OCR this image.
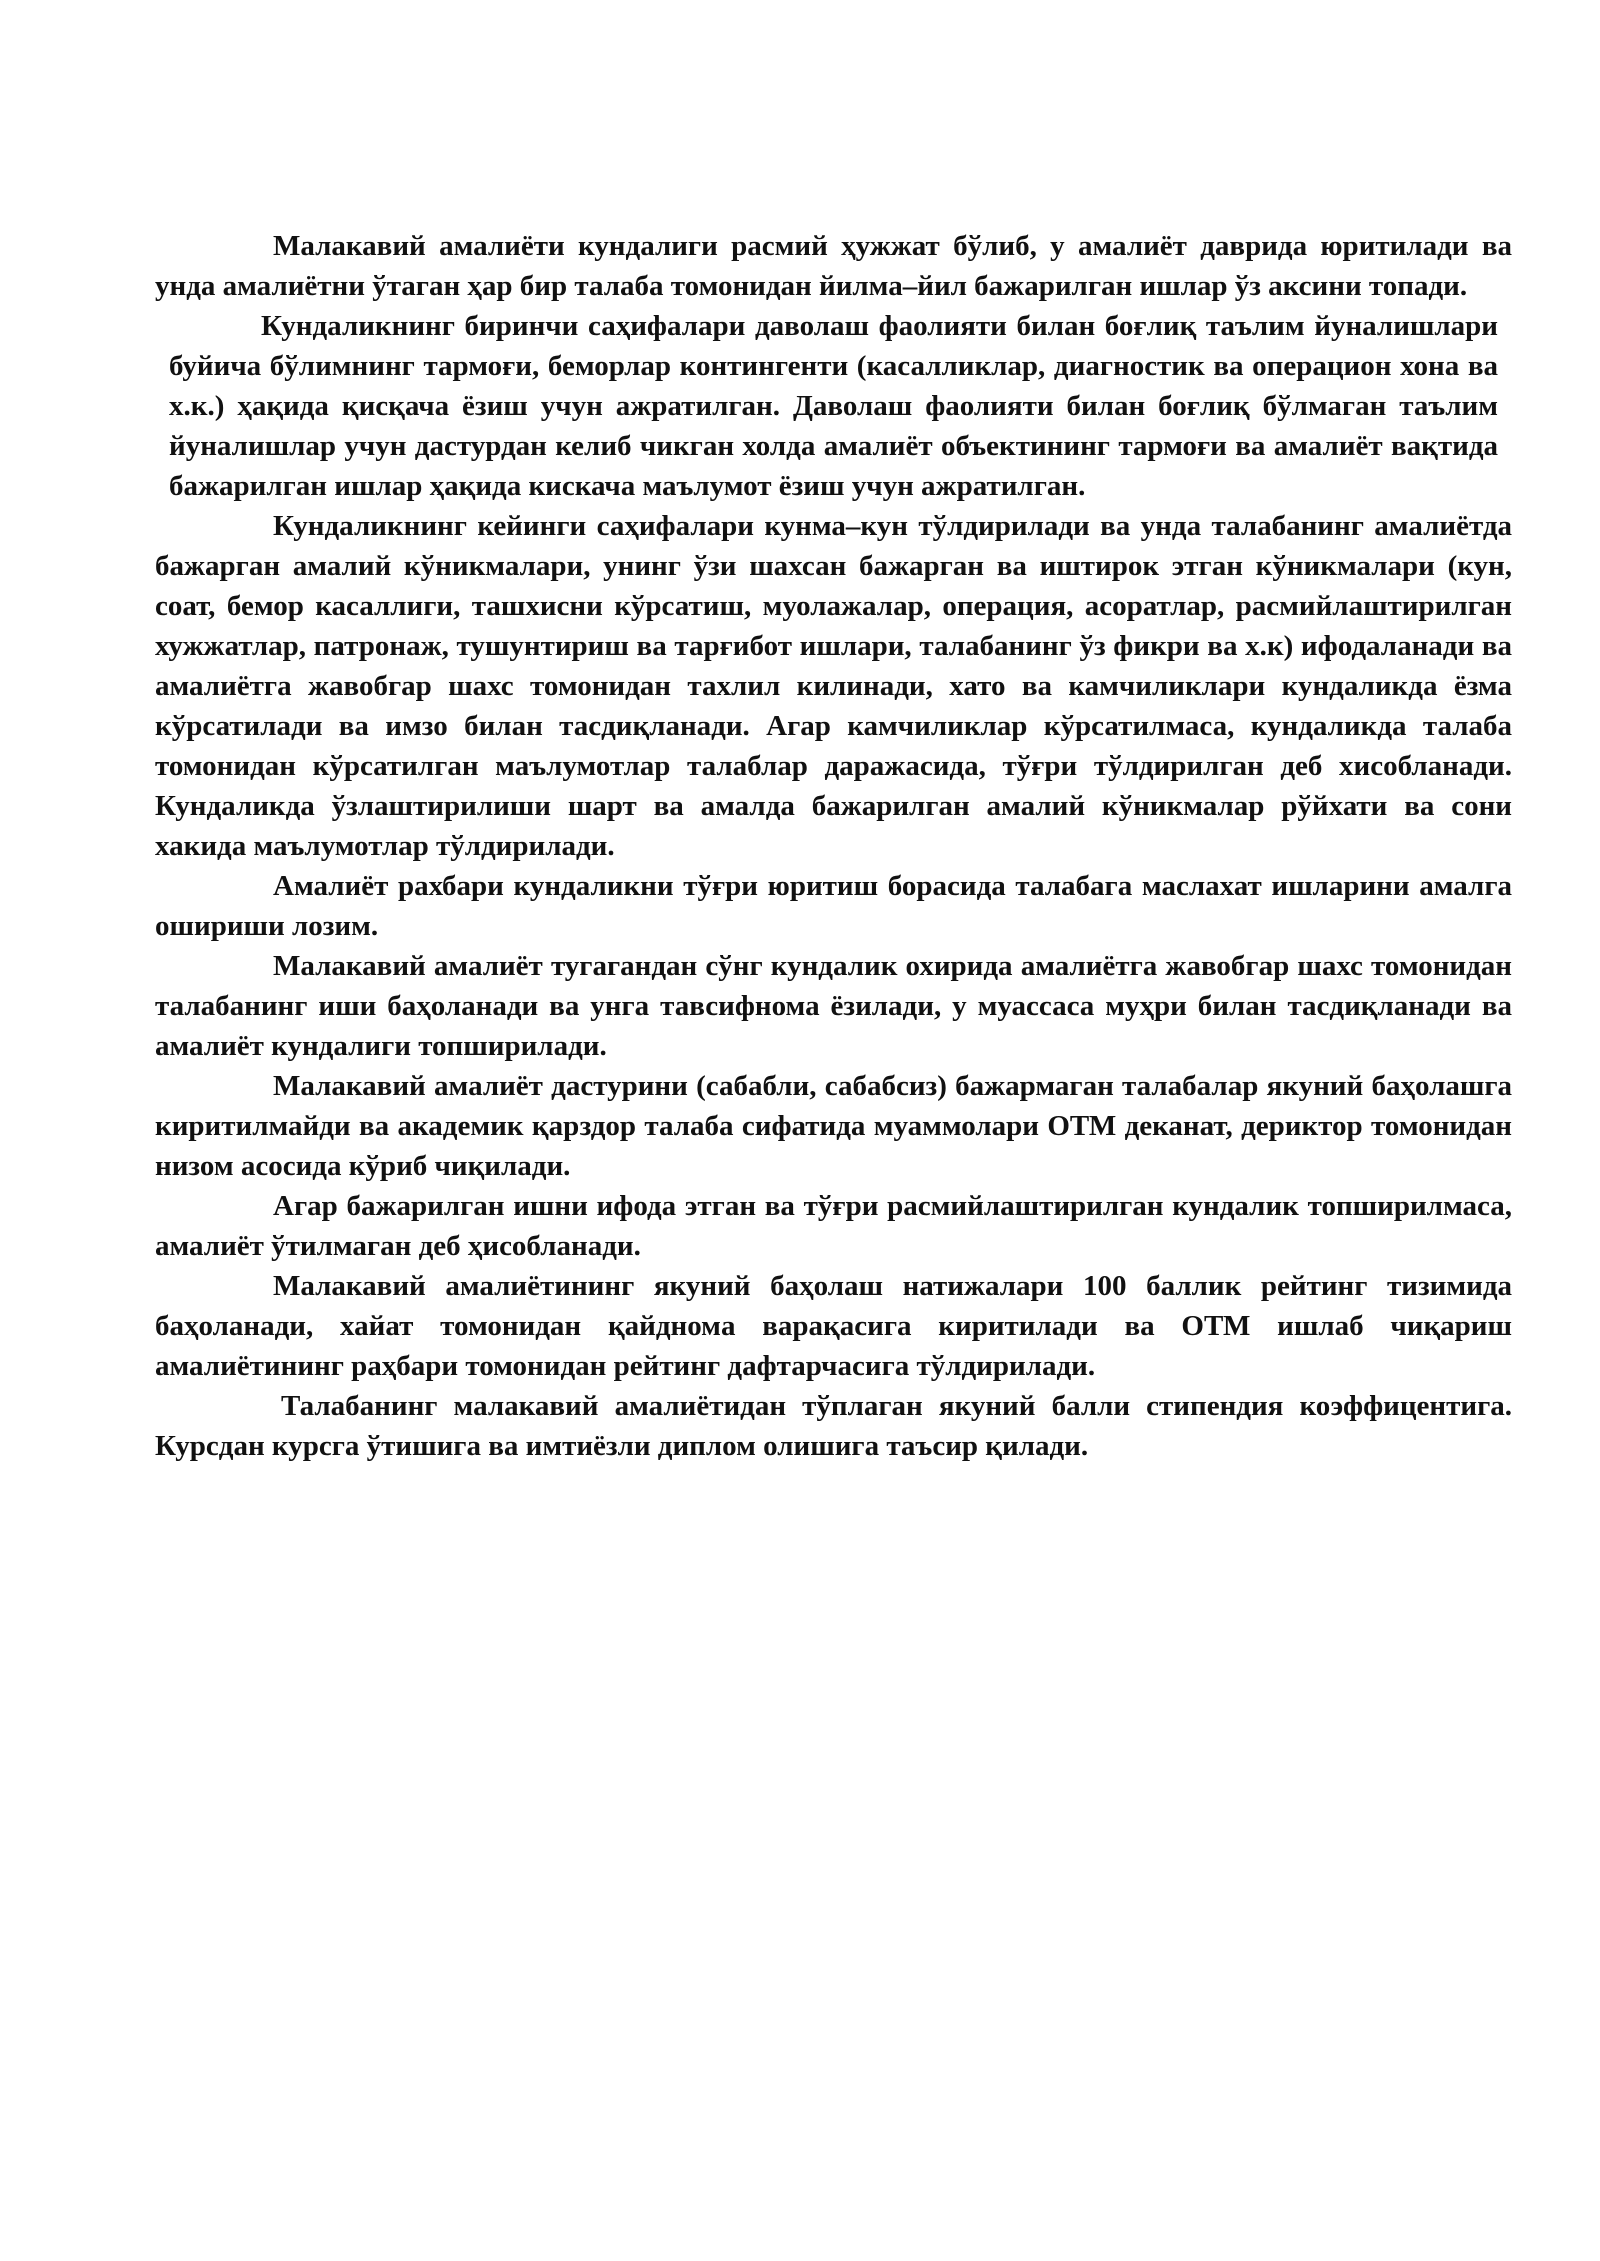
Малакавий амалиёти кундалиги расмий ҳужжат бўлиб, у амалиёт даврида юритилади ва унда амалиётни ўтаган ҳар бир талаба томонидан йилма–йил бажарилган ишлар ўз аксини топади.

Кундаликнинг биринчи саҳифалари даволаш фаолияти билан боғлиқ таълим йуналишлари буйича бўлимнинг тармоғи, беморлар контингенти (касалликлар, диагностик ва операцион хона ва х.к.) ҳақида қисқача ёзиш учун ажратилган. Даволаш фаолияти билан боғлиқ бўлмаган таълим йуналишлар учун дастурдан келиб чикган холда амалиёт объектининг тармоғи ва амалиёт вақтида бажарилган ишлар ҳақида кискача маълумот ёзиш учун ажратилган.

Кундаликнинг кейинги саҳифалари кунма–кун тўлдирилади ва унда талабанинг амалиётда бажарган амалий кўникмалари, унинг ўзи шахсан бажарган ва иштирок этган кўникмалари (кун, соат, бемор касаллиги, ташхисни кўрсатиш, муолажалар, операция, асоратлар, расмийлаштирилган хужжатлар, патронаж, тушунтириш ва тарғибот ишлари, талабанинг ўз фикри ва х.к) ифодаланади ва амалиётга жавобгар шахс томонидан тахлил килинади, хато ва камчиликлари кундаликда ёзма кўрсатилади ва имзо билан тасдиқланади. Агар камчиликлар кўрсатилмаса, кундаликда талаба томонидан кўрсатилган маълумотлар талаблар даражасида, тўғри тўлдирилган деб хисобланади. Кундаликда ўзлаштирилиши шарт ва амалда бажарилган амалий кўникмалар рўйхати ва сони хакида маълумотлар тўлдирилади.

Амалиёт рахбари кундаликни тўғри юритиш борасида талабага маслахат ишларини амалга ошириши лозим.

Малакавий амалиёт тугагандан сўнг кундалик охирида амалиётга жавобгар шахс томонидан талабанинг иши баҳоланади ва унга тавсифнома ёзилади, у муассаса муҳри билан тасдиқланади ва амалиёт кундалиги топширилади.

Малакавий амалиёт дастурини (сабабли, сабабсиз) бажармаган талабалар якуний баҳолашга киритилмайди ва академик қарздор талаба сифатида муаммолари ОТМ деканат, дериктор томонидан низом асосида кўриб чиқилади.

Агар бажарилган ишни ифода этган ва тўғри расмийлаштирилган кундалик топширилмаса, амалиёт ўтилмаган деб ҳисобланади.

Малакавий амалиётининг якуний баҳолаш натижалари 100 баллик рейтинг тизимида баҳоланади, хайат томонидан қайдномa варақасига киритилади ва ОТМ ишлаб чиқариш амалиётининг раҳбари томонидан рейтинг дафтарчасига тўлдирилади.

Талабанинг малакавий амалиётидан тўплаган якуний балли стипендия коэффицентига. Курсдан курсга ўтишига ва имтиёзли диплом олишига таъсир қилади.
